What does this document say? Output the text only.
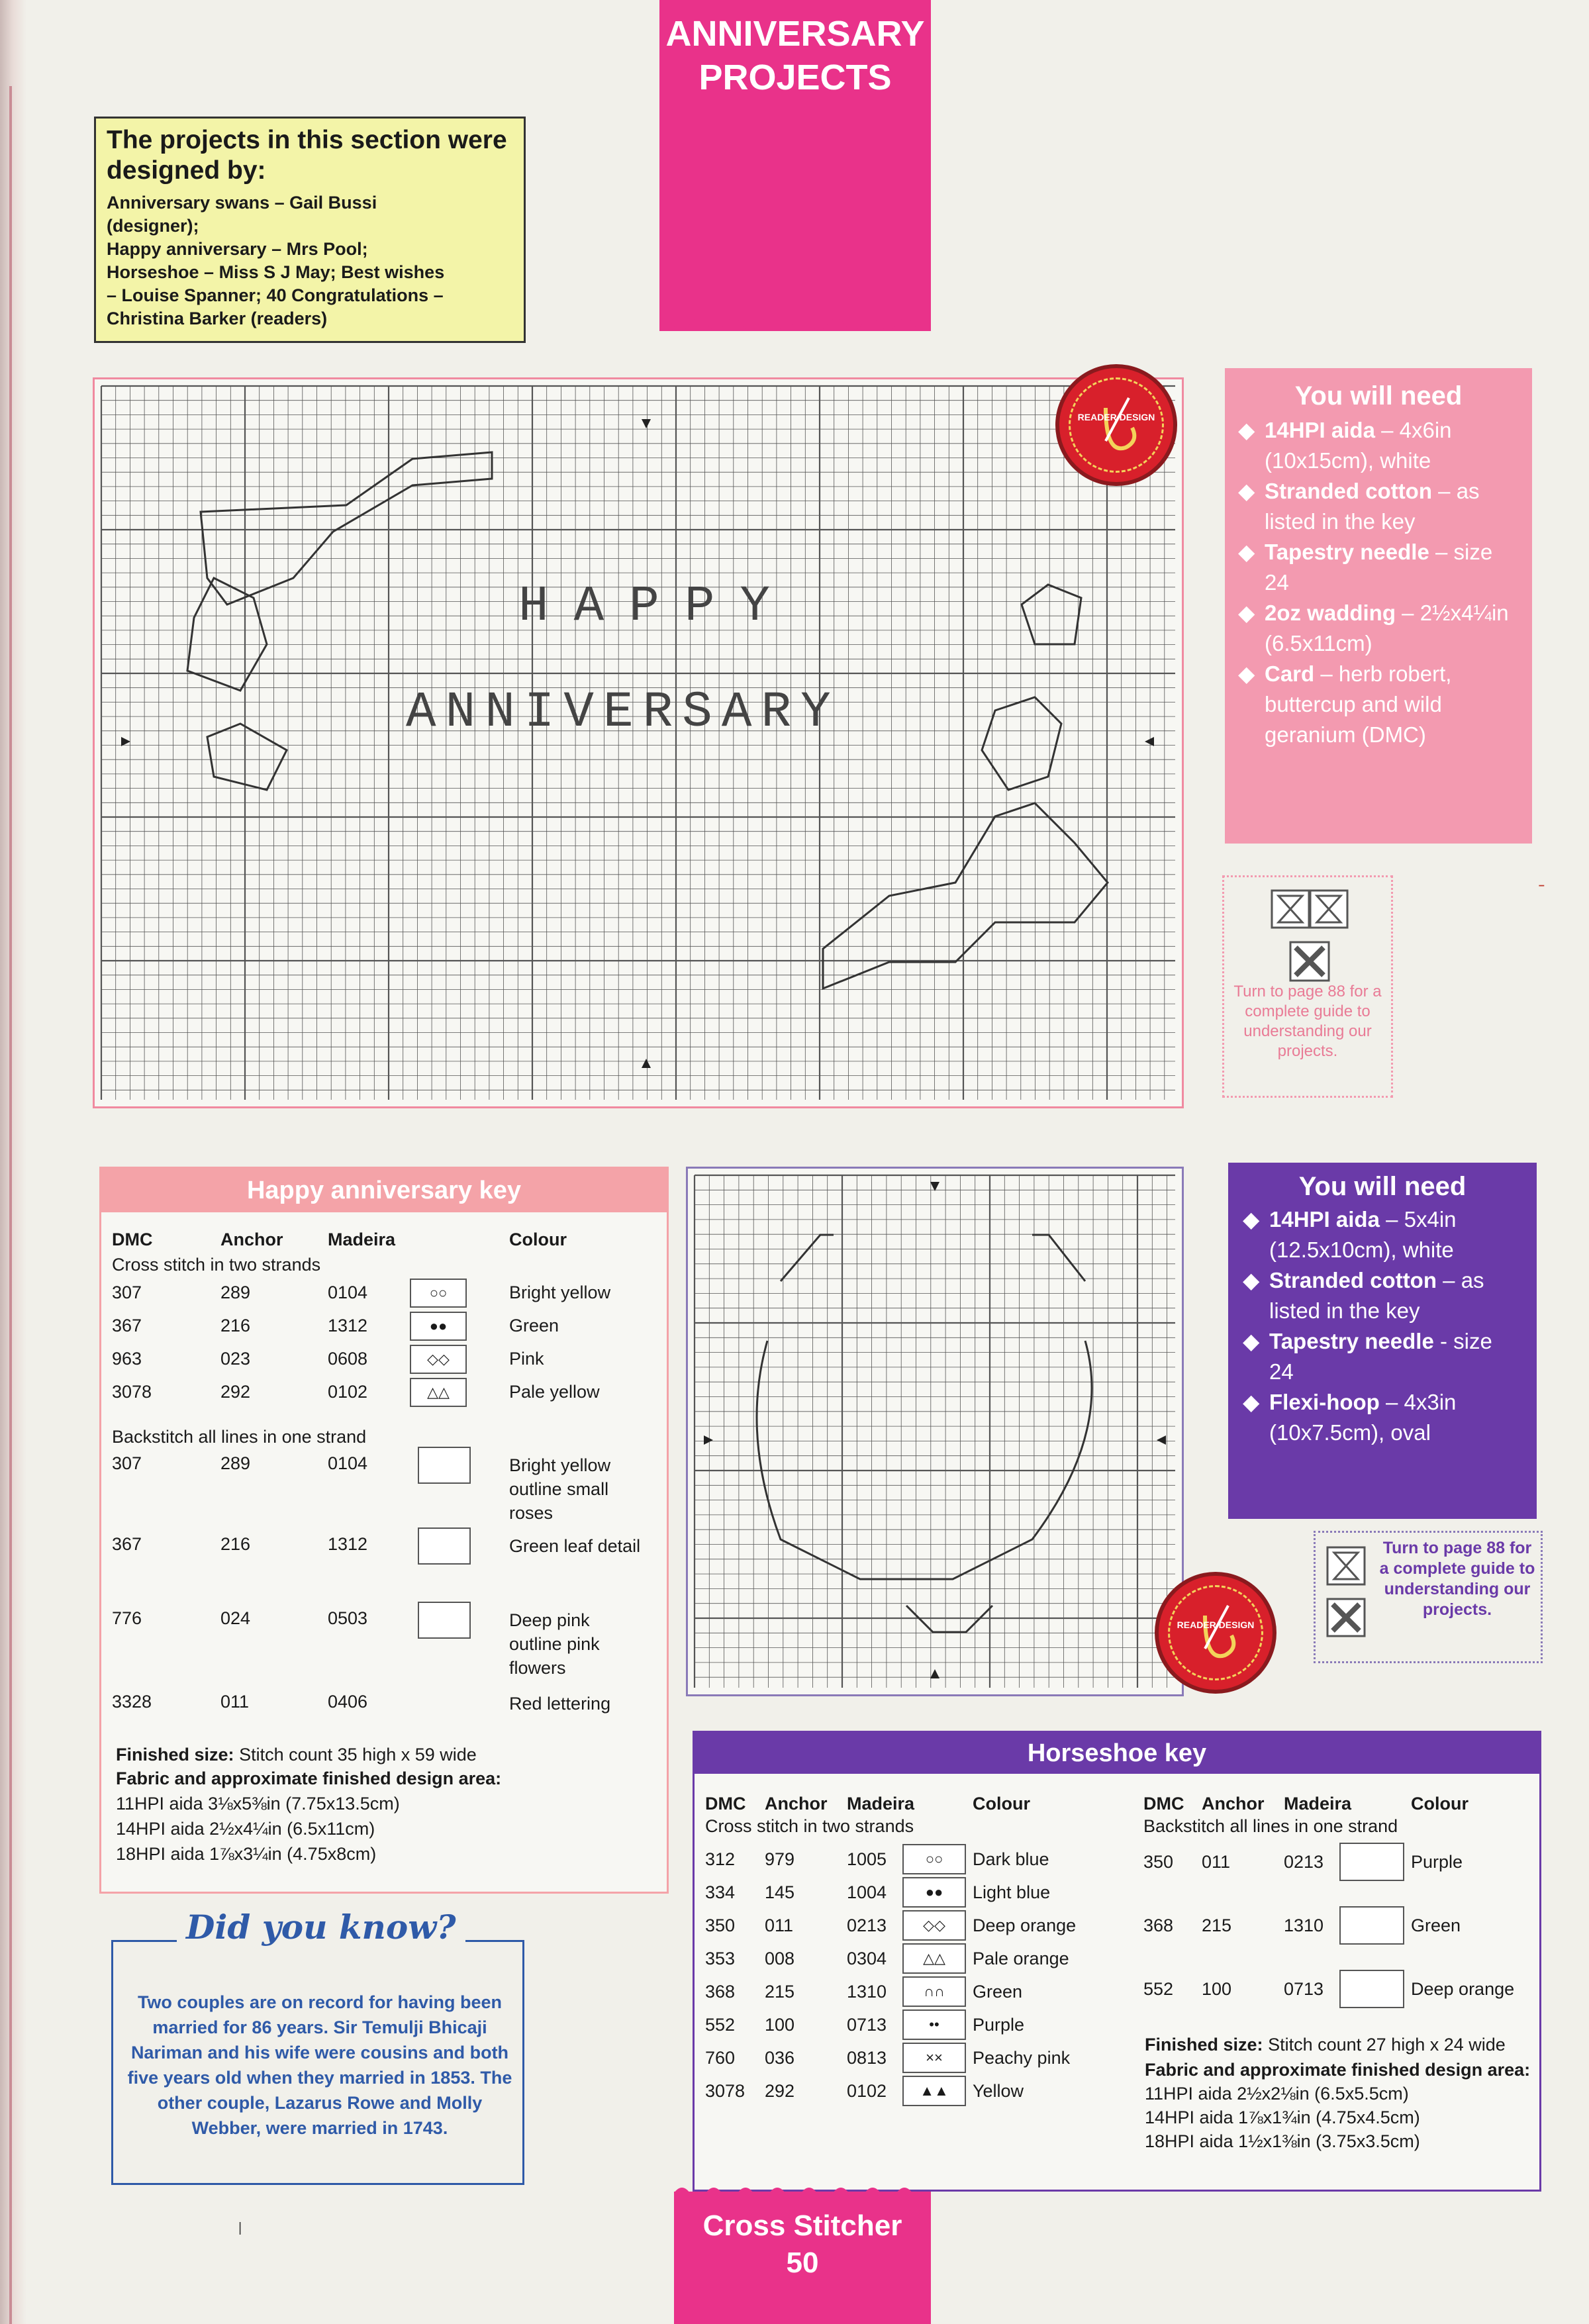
ANNIVERSARY
PROJECTS
The projects in this section were designed by:

Anniversary swans – Gail Bussi

(designer);

Happy anniversary – Mrs Pool;

Horseshoe – Miss S J May; Best wishes

– Louise Spanner; 40 Congratulations –

Christina Barker (readers)

HAPPY
ANNIVERSARY
READER DESIGN
You will need
◆ 14HPI aida – 4x6in (10x15cm), white
◆ Stranded cotton – as listed in the key
◆ Tapestry needle – size 24
◆ 2oz wadding – 2½x4¼in (6.5x11cm)
◆ Card – herb robert, buttercup and wild geranium (DMC)
Turn to page 88 for a complete guide to understanding our projects.
Happy anniversary key
DMC	Anchor	Madeira	Colour
Cross stitch in two strands
307	289	0104	○○	Bright yellow
367	216	1312	●●	Green
963	023	0608	◇◇	Pink
3078	292	0102	△△	Pale yellow
Backstitch all lines in one strand
307	289	0104	Bright yellow outline small roses
367	216	1312	Green leaf detail
776	024	0503	Deep pink outline pink flowers
3328	011	0406	Red lettering
Finished size: Stitch count 35 high x 59 wide
Fabric and approximate finished design area:
11HPI aida 3⅛x5⅜in (7.75x13.5cm)
14HPI aida 2½x4¼in (6.5x11cm)
18HPI aida 1⅞x3¼in (4.75x8cm)
READER DESIGN
You will need
◆ 14HPI aida – 5x4in (12.5x10cm), white
◆ Stranded cotton – as listed in the key
◆ Tapestry needle - size 24
◆ Flexi-hoop – 4x3in (10x7.5cm), oval
Turn to page 88 for a complete guide to understanding our projects.
Horseshoe key
DMC Anchor Madeira	Colour
Cross stitch in two strands
312 979	1005	○○	Dark blue
334 145	1004	●●	Light blue
350 011	0213	◇◇	Deep orange
353 008	0304	△△	Pale orange
368 215	1310	∩∩	Green
552 100	0713	••	Purple
760 036	0813	××	Peachy pink
3078 292	0102	▲▲	Yellow
DMC Anchor Madeira	Colour
Backstitch all lines in one strand
350 011	0213	Purple
368 215	1310	Green
552 100	0713	Deep orange
Finished size: Stitch count 27 high x 24 wide
Fabric and approximate finished design area:
11HPI aida 2½x2⅛in (6.5x5.5cm)
14HPI aida 1⅞x1¾in (4.75x4.5cm)
18HPI aida 1½x1⅜in (3.75x3.5cm)
Did you know?

Two couples are on record for having been married for 86 years. Sir Temulji Bhicaji Nariman and his wife were cousins and both five years old when they married in 1853. The other couple, Lazarus Rowe and Molly Webber, were married in 1743.

|
˗
Cross Stitcher
50
